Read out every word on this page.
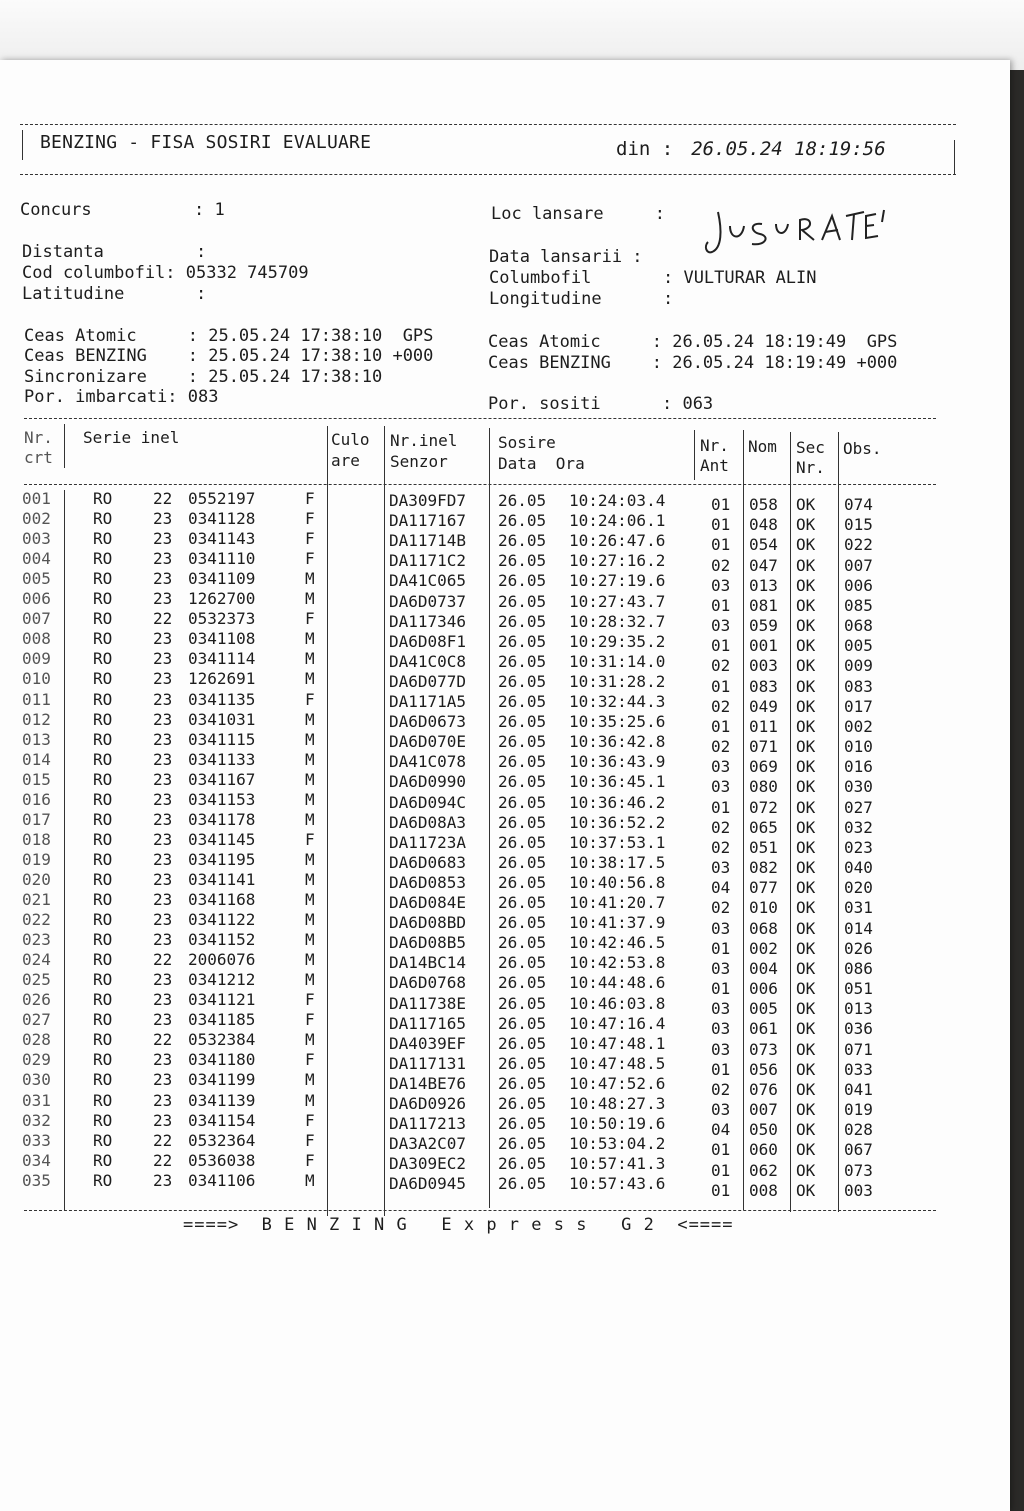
BENZING - FISA SOSIRI EVALUARE	din : 26.05.24 18:19:56
Concurs          : 1
Distanta         :
Cod columbofil: 05332 745709
Latitudine       :
Ceas Atomic     : 25.05.24 17:38:10  GPS
Ceas BENZING    : 25.05.24 17:38:10 +000
Sincronizare    : 25.05.24 17:38:10
Por. imbarcati: 083
Loc lansare     :
Data lansarii :
Columbofil       : VULTURAR ALIN
Longitudine      :
Ceas Atomic     : 26.05.24 18:19:49  GPS
Ceas BENZING    : 26.05.24 18:19:49 +000
Por. sositi      : 063
Nr.
crt
Serie inel	Culo
are
Nr.inel
Senzor
Sosire
Data  Ora
Nr.
Ant
Nom Sec
Nr.
Obs.
001	RO	22 0552197	F	DA309FD7 26.05 10:24:03.4	01 058 OK 074
002	RO	23 0341128	F	DA117167 26.05 10:24:06.1	01 048 OK 015
003	RO	23 0341143	F	DA11714B 26.05 10:26:47.6	01 054 OK 022
004	RO	23 0341110	F	DA1171C2 26.05 10:27:16.2	02 047 OK 007
005	RO	23 0341109	M	DA41C065 26.05 10:27:19.6	03 013 OK 006
006	RO	23 1262700	M	DA6D0737 26.05 10:27:43.7	01 081 OK 085
007	RO	22 0532373	F	DA117346 26.05 10:28:32.7	03 059 OK 068
008	RO	23 0341108	M	DA6D08F1 26.05 10:29:35.2	01 001 OK 005
009	RO	23 0341114	M	DA41C0C8 26.05 10:31:14.0	02 003 OK 009
010	RO	23 1262691	M	DA6D077D 26.05 10:31:28.2	01 083 OK 083
011	RO	23 0341135	F	DA1171A5 26.05 10:32:44.3	02 049 OK 017
012	RO	23 0341031	M	DA6D0673 26.05 10:35:25.6	01 011 OK 002
013	RO	23 0341115	M	DA6D070E 26.05 10:36:42.8	02 071 OK 010
014	RO	23 0341133	M	DA41C078 26.05 10:36:43.9	03 069 OK 016
015	RO	23 0341167	M	DA6D0990 26.05 10:36:45.1	03 080 OK 030
016	RO	23 0341153	M	DA6D094C 26.05 10:36:46.2	01 072 OK 027
017	RO	23 0341178	M	DA6D08A3 26.05 10:36:52.2	02 065 OK 032
018	RO	23 0341145	F	DA11723A 26.05 10:37:53.1	02 051 OK 023
019	RO	23 0341195	M	DA6D0683 26.05 10:38:17.5	03 082 OK 040
020	RO	23 0341141	M	DA6D0853 26.05 10:40:56.8	04 077 OK 020
021	RO	23 0341168	M	DA6D084E 26.05 10:41:20.7	02 010 OK 031
022	RO	23 0341122	M	DA6D08BD 26.05 10:41:37.9	03 068 OK 014
023	RO	23 0341152	M	DA6D08B5 26.05 10:42:46.5	01 002 OK 026
024	RO	22 2006076	M	DA14BC14 26.05 10:42:53.8	03 004 OK 086
025	RO	23 0341212	M	DA6D0768 26.05 10:44:48.6	01 006 OK 051
026	RO	23 0341121	F	DA11738E 26.05 10:46:03.8	03 005 OK 013
027	RO	23 0341185	F	DA117165 26.05 10:47:16.4	03 061 OK 036
028	RO	22 0532384	M	DA4039EF 26.05 10:47:48.1	03 073 OK 071
029	RO	23 0341180	F	DA117131 26.05 10:47:48.5	01 056 OK 033
030	RO	23 0341199	M	DA14BE76 26.05 10:47:52.6	02 076 OK 041
031	RO	23 0341139	M	DA6D0926 26.05 10:48:27.3	03 007 OK 019
032	RO	23 0341154	F	DA117213 26.05 10:50:19.6	04 050 OK 028
033	RO	22 0532364	F	DA3A2C07 26.05 10:53:04.2	01 060 OK 067
034	RO	22 0536038	F	DA309EC2 26.05 10:57:41.3	01 062 OK 073
035	RO	23 0341106	M	DA6D0945 26.05 10:57:43.6	01 008 OK 003
====>  B E N Z I N G   E x p r e s s   G 2  <====
